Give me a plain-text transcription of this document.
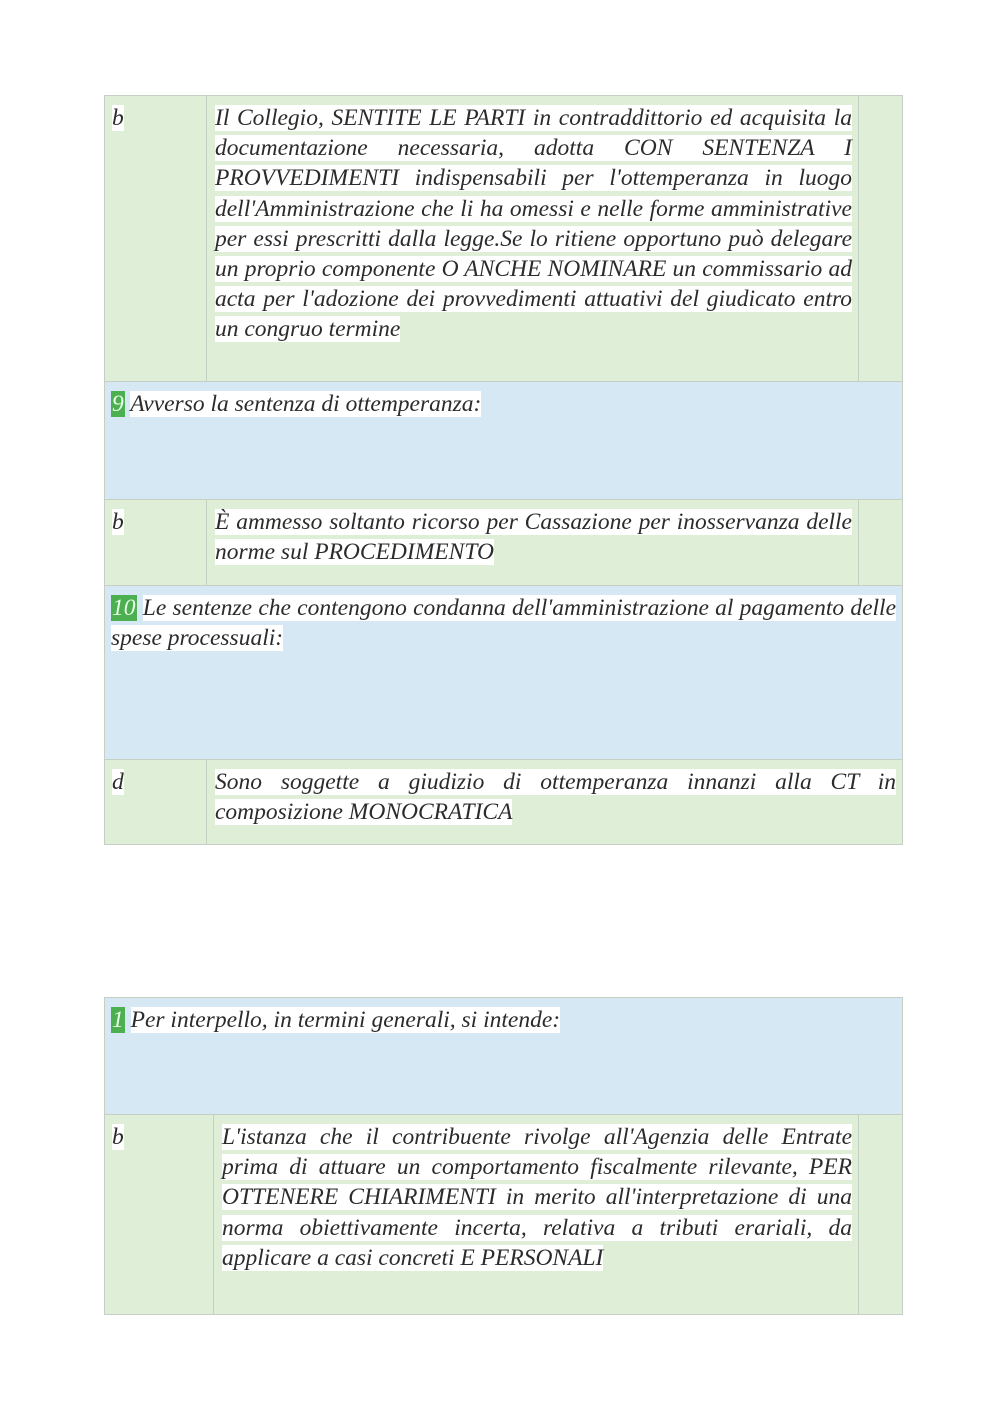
b	Il Collegio, SENTITE LE PARTI in contraddittorio ed acquisita la documentazione necessaria, adotta CON SENTENZA I PROVVEDIMENTI indispensabili per l'ottemperanza in luogo dell'Amministrazione che li ha omessi e nelle forme amministrative per essi prescritti dalla legge.Se lo ritiene opportuno può delegare un proprio componente O ANCHE NOMINARE un commissario ad acta per l'adozione dei provvedimenti attuativi del giudicato entro un congruo termine
9 Avverso la sentenza di ottemperanza:
b	È ammesso soltanto ricorso per Cassazione per inosservanza delle norme sul PROCEDIMENTO
10 Le sentenze che contengono condanna dell'amministrazione al pagamento delle spese processuali:
d	Sono soggette a giudizio di ottemperanza innanzi alla CT in composizione MONOCRATICA
1 Per interpello, in termini generali, si intende:
b	L'istanza che il contribuente rivolge all'Agenzia delle Entrate prima di attuare un comportamento fiscalmente rilevante, PER OTTENERE CHIARIMENTI in merito all'interpretazione di una norma obiettivamente incerta, relativa a tributi erariali, da applicare a casi concreti E PERSONALI
